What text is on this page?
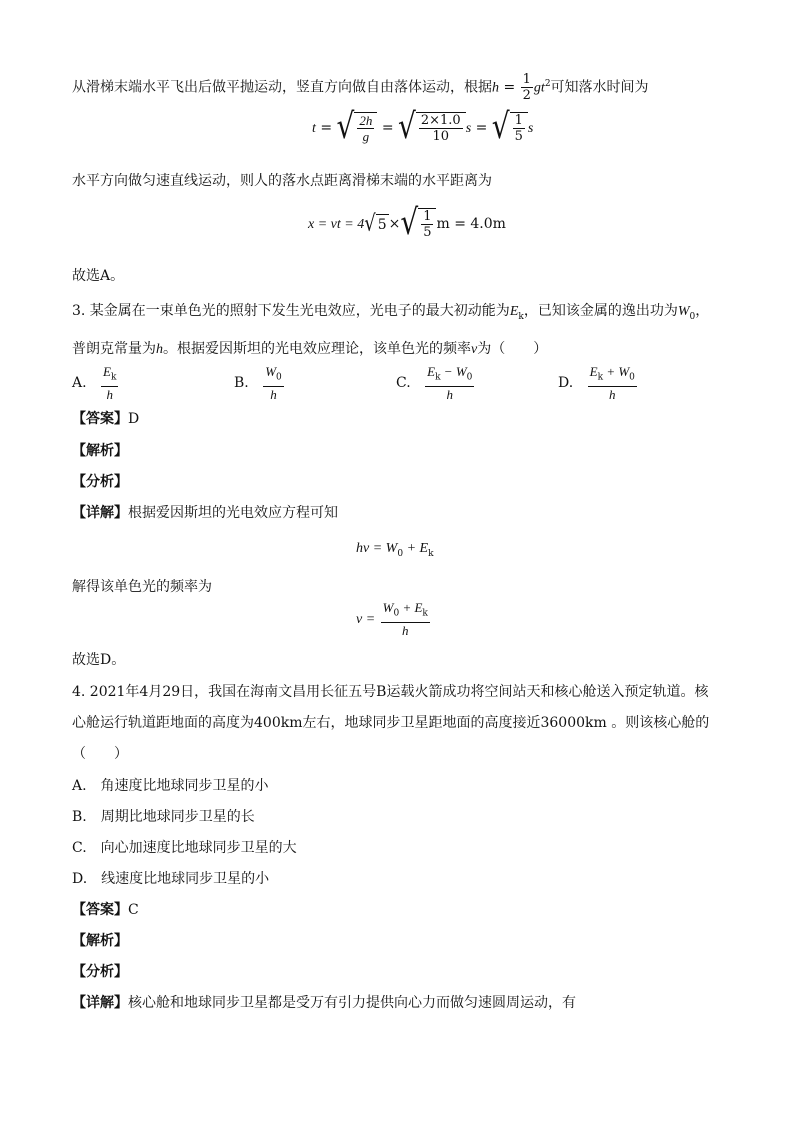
从滑梯末端水平飞出后做平抛运动，竖直方向做自由落体运动，根据$h = \frac{1}{2} gt^2$可知落水时间为
t = √ $\frac{2h}{g}$ = √ $\frac{2\times 1.0}{10}$ s = √ $\frac{1}{5}$ s
水平方向做匀速直线运动，则人的落水点距离滑梯末端的水平距离为
x = vt = 4 √ 5 × √ $\frac{1}{5}$ m = 4.0m
故选A。
3. 某金属在一束单色光的照射下发生光电效应，光电子的最大初动能为$E_k$，已知该金属的逸出功为$W_0$，
普朗克常量为h。根据爱因斯坦的光电效应理论，该单色光的频率ν为（　　）
A. $\frac{E_k}{h}$	B. $\frac{W_0}{h}$	C. $\frac{E_k - W_0}{h}$	D. $\frac{E_k + W_0}{h}$
【答案】D
【解析】
【分析】
【详解】根据爱因斯坦的光电效应方程可知
$h\nu = W_0 + E_k$
解得该单色光的频率为
$\nu = \frac{W_0 + E_k}{h}$
故选D。
4. 2021年4月29日，我国在海南文昌用长征五号B运载火箭成功将空间站天和核心舱送入预定轨道。核
心舱运行轨道距地面的高度为400km左右，地球同步卫星距地面的高度接近36000km 。则该核心舱的
（　　）
A.　角速度比地球同步卫星的小
B.　周期比地球同步卫星的长
C.　向心加速度比地球同步卫星的大
D.　线速度比地球同步卫星的小
【答案】C
【解析】
【分析】
【详解】核心舱和地球同步卫星都是受万有引力提供向心力而做匀速圆周运动，有
